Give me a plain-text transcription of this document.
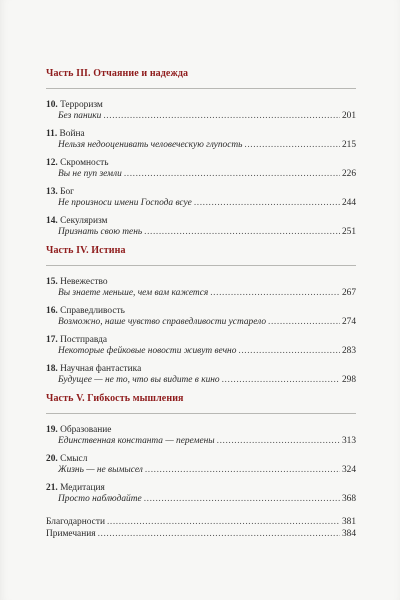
Часть III. Отчаяние и надежда
10. Терроризм
Без паники .....	201
11. Война
Нельзя недооценивать человеческую глупость .....	215
12. Скромность
Вы не пуп земли .....	226
13. Бог
Не произноси имени Господа всуе .....	244
14. Секуляризм
Признать свою тень .....	251
Часть IV. Истина
15. Невежество
Вы знаете меньше, чем вам кажется .....	267
16. Справедливость
Возможно, наше чувство справедливости устарело .....	274
17. Постправда
Некоторые фейковые новости живут вечно .....	283
18. Научная фантастика
Будущее — не то, что вы видите в кино .....	298
Часть V. Гибкость мышления
19. Образование
Единственная константа — перемены .....	313
20. Смысл
Жизнь — не вымысел .....	324
21. Медитация
Просто наблюдайте .....	368
Благодарности .....	381
Примечания .....	384
